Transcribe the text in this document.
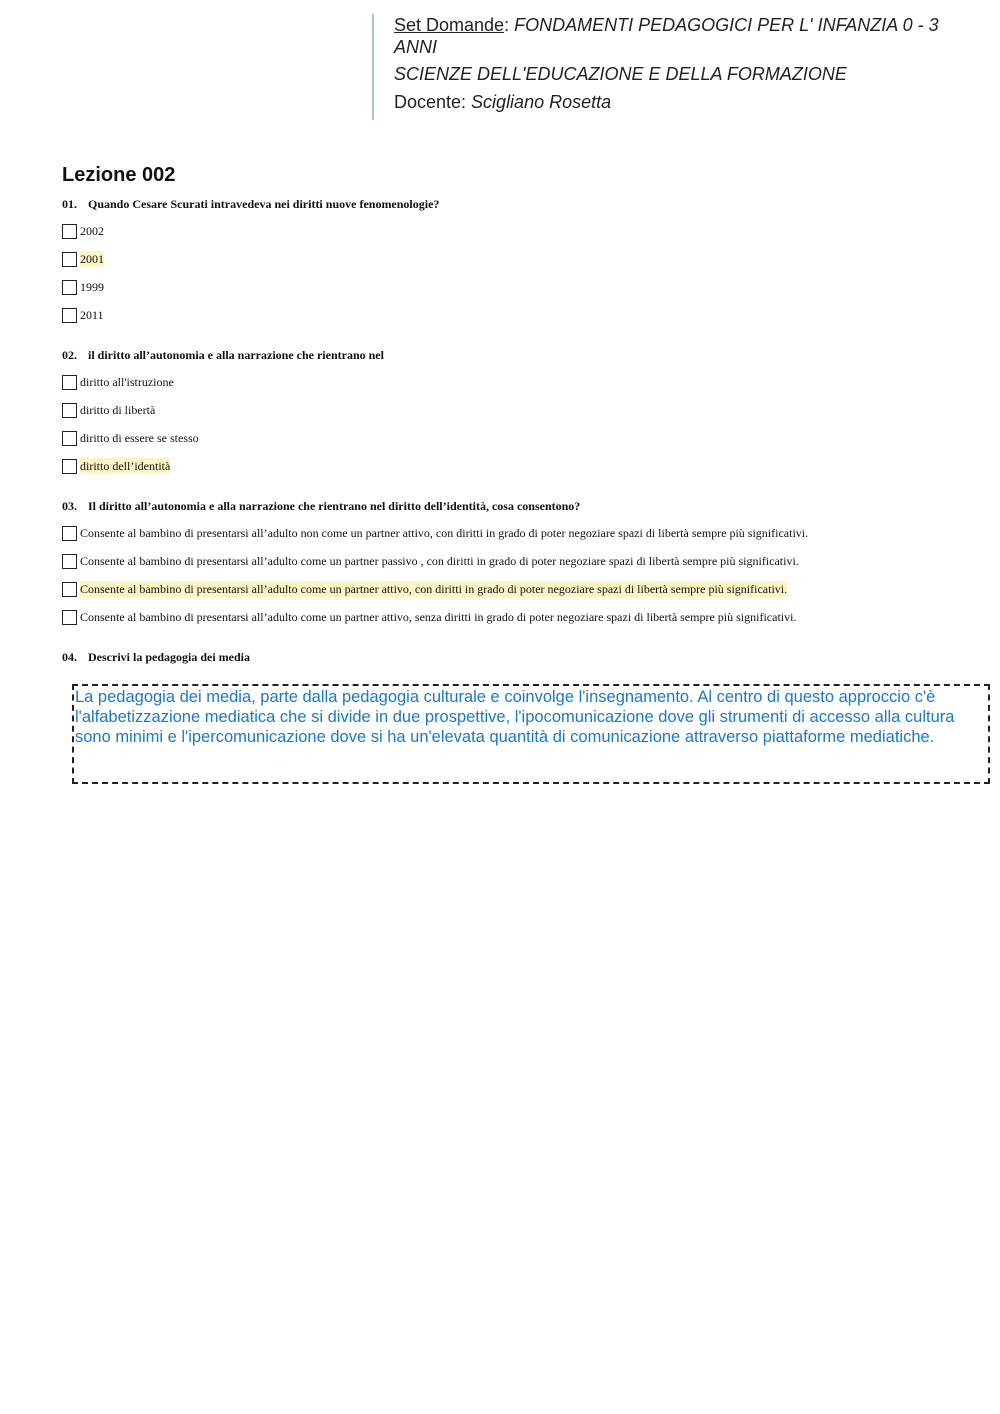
Set Domande: FONDAMENTI PEDAGOGICI PER L' INFANZIA 0 - 3 ANNI
SCIENZE DELL'EDUCAZIONE E DELLA FORMAZIONE
Docente: Scigliano Rosetta
Lezione 002
01. Quando Cesare Scurati intravedeva nei diritti nuove fenomenologie?
2002
2001
1999
2011
02. il diritto all’autonomia e alla narrazione che rientrano nel
diritto all'istruzione
diritto di libertà
diritto di essere se stesso
diritto dell’identità
03. Il diritto all’autonomia e alla narrazione che rientrano nel diritto dell’identità, cosa consentono?
Consente al bambino di presentarsi all’adulto non come un partner attivo, con diritti in grado di poter negoziare spazi di libertà sempre più significativi.
Consente al bambino di presentarsi all’adulto come un partner passivo , con diritti in grado di poter negoziare spazi di libertà sempre più significativi.
Consente al bambino di presentarsi all’adulto come un partner attivo, con diritti in grado di poter negoziare spazi di libertà sempre più significativi.
Consente al bambino di presentarsi all’adulto come un partner attivo, senza diritti in grado di poter negoziare spazi di libertà sempre più significativi.
04. Descrivi la pedagogia dei media
La pedagogia dei media, parte dalla pedagogia culturale e coinvolge l'insegnamento. Al centro di questo approccio c'è l'alfabetizzazione mediatica che si divide in due prospettive, l'ipocomunicazione dove gli strumenti di accesso alla cultura sono minimi e l'ipercomunicazione dove si ha un'elevata quantità di comunicazione attraverso piattaforme mediatiche.
